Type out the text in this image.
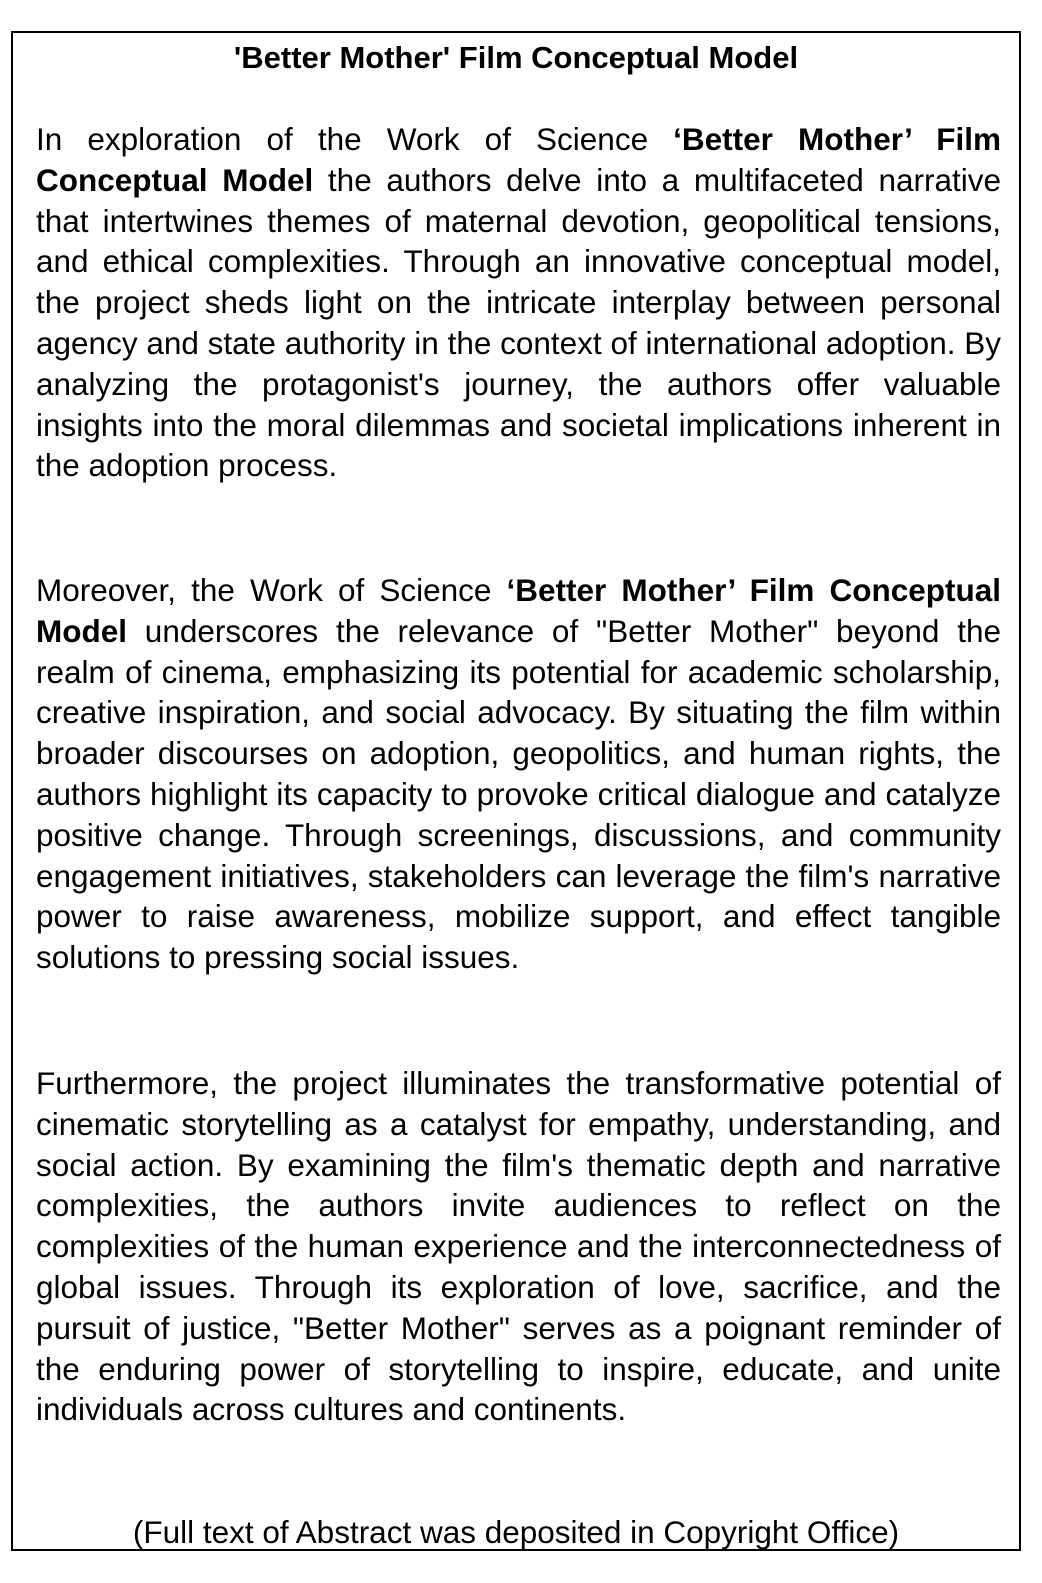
'Better Mother' Film Conceptual Model

In exploration of the Work of Science ‘Better Mother’ Film Conceptual Model the authors delve into a multifaceted narrative that intertwines themes of maternal devotion, geopolitical tensions, and ethical complexities. Through an innovative conceptual model, the project sheds light on the intricate interplay between personal agency and state authority in the context of international adoption. By analyzing the protagonist's journey, the authors offer valuable insights into the moral dilemmas and societal implications inherent in the adoption process.

Moreover, the Work of Science ‘Better Mother’ Film Conceptual Model underscores the relevance of "Better Mother" beyond the realm of cinema, emphasizing its potential for academic scholarship, creative inspiration, and social advocacy. By situating the film within broader discourses on adoption, geopolitics, and human rights, the authors highlight its capacity to provoke critical dialogue and catalyze positive change. Through screenings, discussions, and community engagement initiatives, stakeholders can leverage the film's narrative power to raise awareness, mobilize support, and effect tangible solutions to pressing social issues.

Furthermore, the project illuminates the transformative potential of cinematic storytelling as a catalyst for empathy, understanding, and social action. By examining the film's thematic depth and narrative complexities, the authors invite audiences to reflect on the complexities of the human experience and the interconnectedness of global issues. Through its exploration of love, sacrifice, and the pursuit of justice, "Better Mother" serves as a poignant reminder of the enduring power of storytelling to inspire, educate, and unite individuals across cultures and continents.

(Full text of Abstract was deposited in Copyright Office)
